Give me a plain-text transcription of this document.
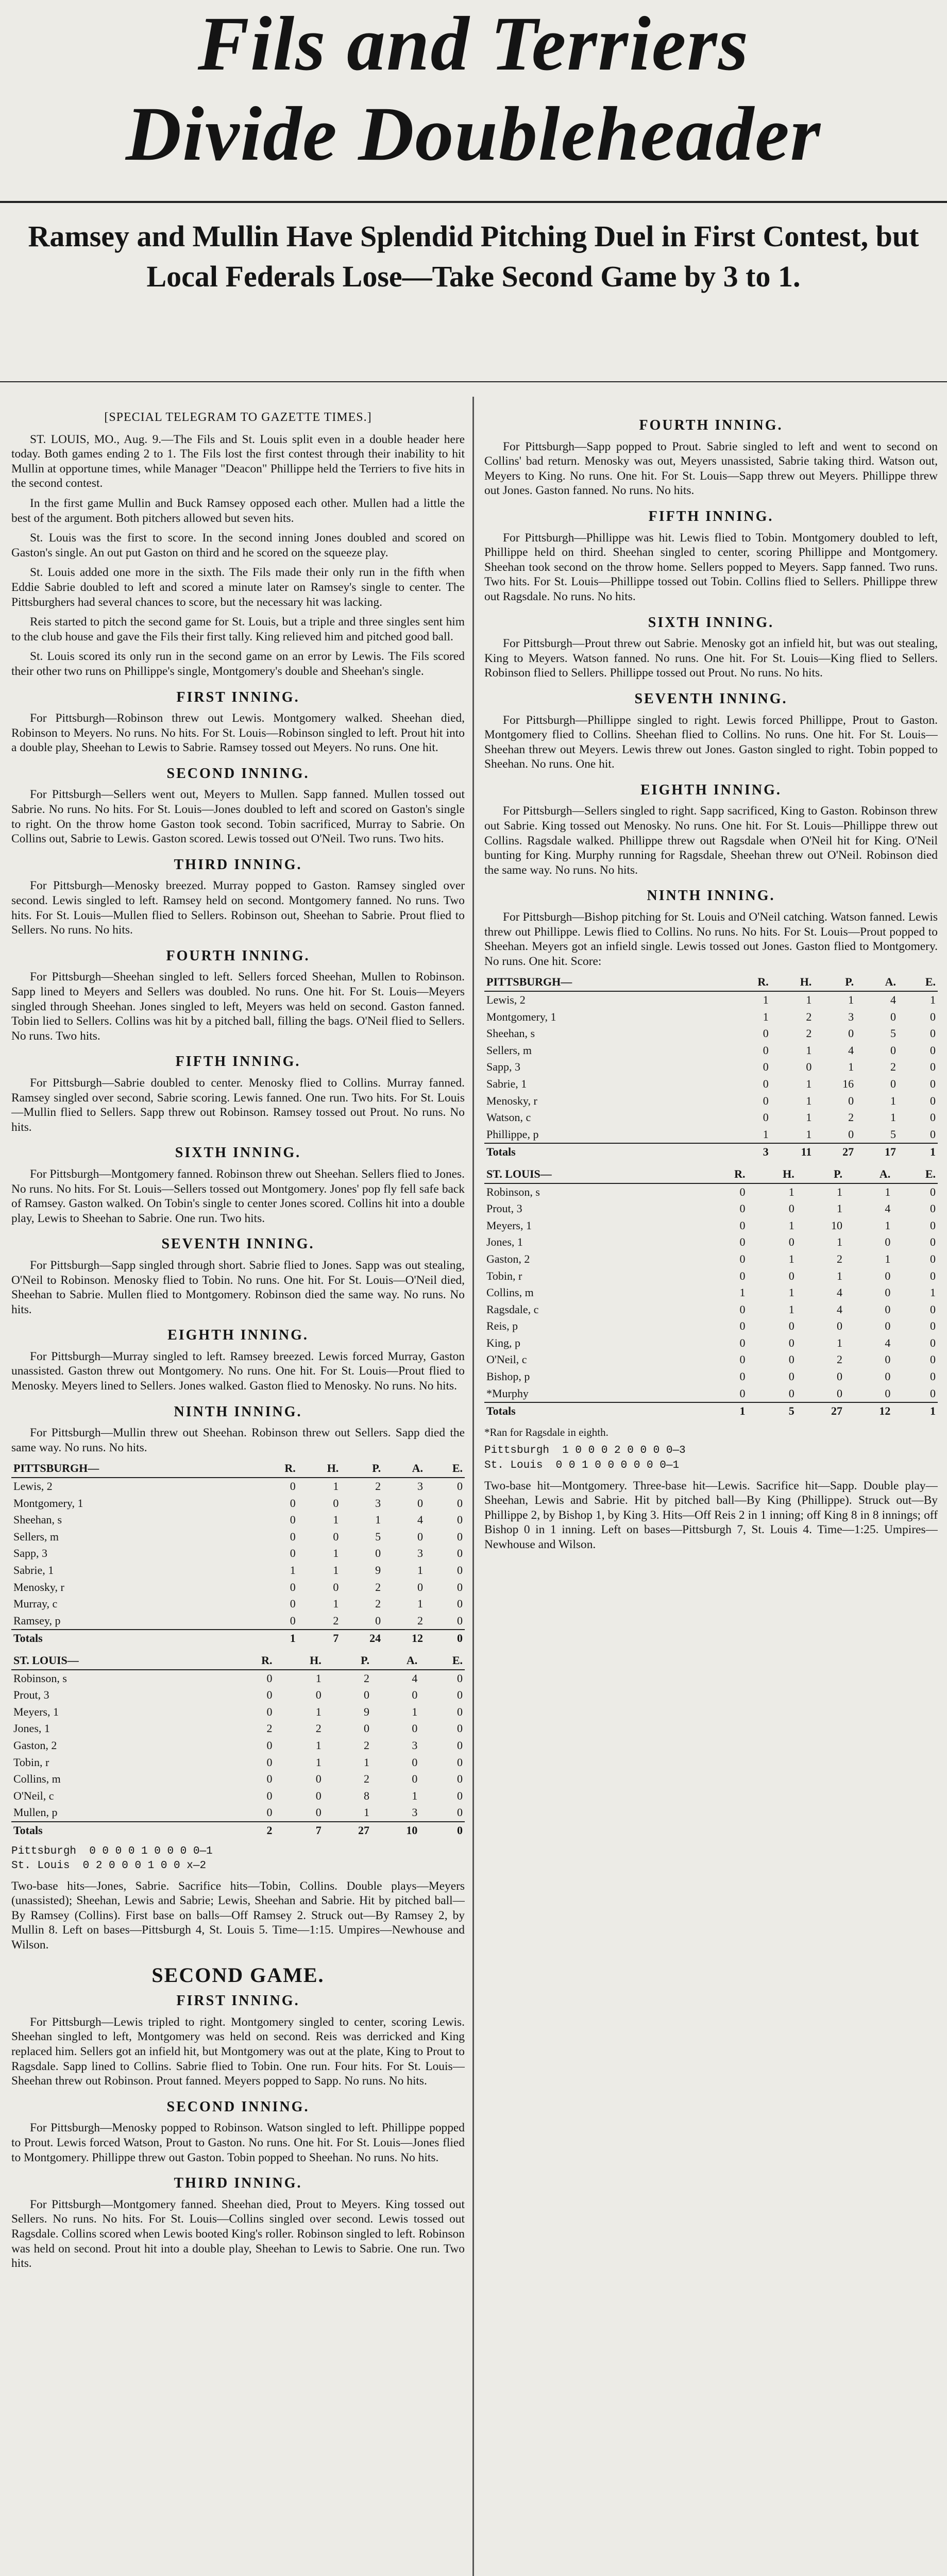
Fils and Terriers
Divide Doubleheader
Ramsey and Mullin Have Splendid Pitching Duel in First Contest, but Local Federals Lose—Take Second Game by 3 to 1.
[SPECIAL TELEGRAM TO GAZETTE TIMES.]

ST. LOUIS, MO., Aug. 9.—The Fils and St. Louis split even in a double header here today. Both games ending 2 to 1. The Fils lost the first contest through their inability to hit Mullin at opportune times, while Manager "Deacon" Phillippe held the Terriers to five hits in the second contest.

In the first game Mullin and Buck Ramsey opposed each other. Mullen had a little the best of the argument. Both pitchers allowed but seven hits.

St. Louis was the first to score. In the second inning Jones doubled and scored on Gaston's single. An out put Gaston on third and he scored on the squeeze play.

St. Louis added one more in the sixth. The Fils made their only run in the fifth when Eddie Sabrie doubled to left and scored a minute later on Ramsey's single to center. The Pittsburghers had several chances to score, but the necessary hit was lacking.

Reis started to pitch the second game for St. Louis, but a triple and three singles sent him to the club house and gave the Fils their first tally. King relieved him and pitched good ball.

St. Louis scored its only run in the second game on an error by Lewis. The Fils scored their other two runs on Phillippe's single, Montgomery's double and Sheehan's single.

FIRST INNING.

For Pittsburgh—Robinson threw out Lewis. Montgomery walked. Sheehan died, Robinson to Meyers. No runs. No hits. For St. Louis—Robinson singled to left. Prout hit into a double play, Sheehan to Lewis to Sabrie. Ramsey tossed out Meyers. No runs. One hit.

SECOND INNING.

For Pittsburgh—Sellers went out, Meyers to Mullen. Sapp fanned. Mullen tossed out Sabrie. No runs. No hits. For St. Louis—Jones doubled to left and scored on Gaston's single to right. On the throw home Gaston took second. Tobin sacrificed, Murray to Sabrie. On Collins out, Sabrie to Lewis. Gaston scored. Lewis tossed out O'Neil. Two runs. Two hits.

THIRD INNING.

For Pittsburgh—Menosky breezed. Murray popped to Gaston. Ramsey singled over second. Lewis singled to left. Ramsey held on second. Montgomery fanned. No runs. Two hits. For St. Louis—Mullen flied to Sellers. Robinson out, Sheehan to Sabrie. Prout flied to Sellers. No runs. No hits.

FOURTH INNING.

For Pittsburgh—Sheehan singled to left. Sellers forced Sheehan, Mullen to Robinson. Sapp lined to Meyers and Sellers was doubled. No runs. One hit. For St. Louis—Meyers singled through Sheehan. Jones singled to left, Meyers was held on second. Gaston fanned. Tobin lied to Sellers. Collins was hit by a pitched ball, filling the bags. O'Neil flied to Sellers. No runs. Two hits.

FIFTH INNING.

For Pittsburgh—Sabrie doubled to center. Menosky flied to Collins. Murray fanned. Ramsey singled over second, Sabrie scoring. Lewis fanned. One run. Two hits. For St. Louis—Mullin flied to Sellers. Sapp threw out Robinson. Ramsey tossed out Prout. No runs. No hits.

SIXTH INNING.

For Pittsburgh—Montgomery fanned. Robinson threw out Sheehan. Sellers flied to Jones. No runs. No hits. For St. Louis—Sellers tossed out Montgomery. Jones' pop fly fell safe back of Ramsey. Gaston walked. On Tobin's single to center Jones scored. Collins hit into a double play, Lewis to Sheehan to Sabrie. One run. Two hits.

SEVENTH INNING.

For Pittsburgh—Sapp singled through short. Sabrie flied to Jones. Sapp was out stealing, O'Neil to Robinson. Menosky flied to Tobin. No runs. One hit. For St. Louis—O'Neil died, Sheehan to Sabrie. Mullen flied to Montgomery. Robinson died the same way. No runs. No hits.

EIGHTH INNING.

For Pittsburgh—Murray singled to left. Ramsey breezed. Lewis forced Murray, Gaston unassisted. Gaston threw out Montgomery. No runs. One hit. For St. Louis—Prout flied to Menosky. Meyers lined to Sellers. Jones walked. Gaston flied to Menosky. No runs. No hits.

NINTH INNING.

For Pittsburgh—Mullin threw out Sheehan. Robinson threw out Sellers. Sapp died the same way. No runs. No hits.

PITTSBURGH—	R.	H.	P.	A.	E.
Lewis, 2	0	1	2	3	0
Montgomery, 1	0	0	3	0	0
Sheehan, s	0	1	1	4	0
Sellers, m	0	0	5	0	0
Sapp, 3	0	1	0	3	0
Sabrie, 1	1	1	9	1	0
Menosky, r	0	0	2	0	0
Murray, c	0	1	2	1	0
Ramsey, p	0	2	0	2	0
Totals	1	7	24	12	0
ST. LOUIS—	R.	H.	P.	A.	E.
Robinson, s	0	1	2	4	0
Prout, 3	0	0	0	0	0
Meyers, 1	0	1	9	1	0
Jones, 1	2	2	0	0	0
Gaston, 2	0	1	2	3	0
Tobin, r	0	1	1	0	0
Collins, m	0	0	2	0	0
O'Neil, c	0	0	8	1	0
Mullen, p	0	0	1	3	0
Totals	2	7	27	10	0
Pittsburgh  0 0 0 0 1 0 0 0 0—1
St. Louis  0 2 0 0 0 1 0 0 x—2

Two-base hits—Jones, Sabrie. Sacrifice hits—Tobin, Collins. Double plays—Meyers (unassisted); Sheehan, Lewis and Sabrie; Lewis, Sheehan and Sabrie. Hit by pitched ball—By Ramsey (Collins). First base on balls—Off Ramsey 2. Struck out—By Ramsey 2, by Mullin 8. Left on bases—Pittsburgh 4, St. Louis 5. Time—1:15. Umpires—Newhouse and Wilson.

SECOND GAME.
FIRST INNING.

For Pittsburgh—Lewis tripled to right. Montgomery singled to center, scoring Lewis. Sheehan singled to left, Montgomery was held on second. Reis was derricked and King replaced him. Sellers got an infield hit, but Montgomery was out at the plate, King to Prout to Ragsdale. Sapp lined to Collins. Sabrie flied to Tobin. One run. Four hits. For St. Louis—Sheehan threw out Robinson. Prout fanned. Meyers popped to Sapp. No runs. No hits.

SECOND INNING.

For Pittsburgh—Menosky popped to Robinson. Watson singled to left. Phillippe popped to Prout. Lewis forced Watson, Prout to Gaston. No runs. One hit. For St. Louis—Jones flied to Montgomery. Phillippe threw out Gaston. Tobin popped to Sheehan. No runs. No hits.

THIRD INNING.

For Pittsburgh—Montgomery fanned. Sheehan died, Prout to Meyers. King tossed out Sellers. No runs. No hits. For St. Louis—Collins singled over second. Lewis tossed out Ragsdale. Collins scored when Lewis booted King's roller. Robinson singled to left. Robinson was held on second. Prout hit into a double play, Sheehan to Lewis to Sabrie. One run. Two hits.

FOURTH INNING.

For Pittsburgh—Sapp popped to Prout. Sabrie singled to left and went to second on Collins' bad return. Menosky was out, Meyers unassisted, Sabrie taking third. Watson out, Meyers to King. No runs. One hit. For St. Louis—Sapp threw out Meyers. Phillippe threw out Jones. Gaston fanned. No runs. No hits.

FIFTH INNING.

For Pittsburgh—Phillippe was hit. Lewis flied to Tobin. Montgomery doubled to left, Phillippe held on third. Sheehan singled to center, scoring Phillippe and Montgomery. Sheehan took second on the throw home. Sellers popped to Meyers. Sapp fanned. Two runs. Two hits. For St. Louis—Phillippe tossed out Tobin. Collins flied to Sellers. Phillippe threw out Ragsdale. No runs. No hits.

SIXTH INNING.

For Pittsburgh—Prout threw out Sabrie. Menosky got an infield hit, but was out stealing, King to Meyers. Watson fanned. No runs. One hit. For St. Louis—King flied to Sellers. Robinson flied to Sellers. Phillippe tossed out Prout. No runs. No hits.

SEVENTH INNING.

For Pittsburgh—Phillippe singled to right. Lewis forced Phillippe, Prout to Gaston. Montgomery flied to Collins. Sheehan flied to Collins. No runs. One hit. For St. Louis—Sheehan threw out Meyers. Lewis threw out Jones. Gaston singled to right. Tobin popped to Sheehan. No runs. One hit.

EIGHTH INNING.

For Pittsburgh—Sellers singled to right. Sapp sacrificed, King to Gaston. Robinson threw out Sabrie. King tossed out Menosky. No runs. One hit. For St. Louis—Phillippe threw out Collins. Ragsdale walked. Phillippe threw out Ragsdale when O'Neil hit for King. O'Neil bunting for King. Murphy running for Ragsdale, Sheehan threw out O'Neil. Robinson died the same way. No runs. No hits.

NINTH INNING.

For Pittsburgh—Bishop pitching for St. Louis and O'Neil catching. Watson fanned. Lewis threw out Phillippe. Lewis flied to Collins. No runs. No hits. For St. Louis—Prout popped to Sheehan. Meyers got an infield single. Lewis tossed out Jones. Gaston flied to Montgomery. No runs. One hit. Score:

PITTSBURGH—	R.	H.	P.	A.	E.
Lewis, 2	1	1	1	4	1
Montgomery, 1	1	2	3	0	0
Sheehan, s	0	2	0	5	0
Sellers, m	0	1	4	0	0
Sapp, 3	0	0	1	2	0
Sabrie, 1	0	1	16	0	0
Menosky, r	0	1	0	1	0
Watson, c	0	1	2	1	0
Phillippe, p	1	1	0	5	0
Totals	3	11	27	17	1
ST. LOUIS—	R.	H.	P.	A.	E.
Robinson, s	0	1	1	1	0
Prout, 3	0	0	1	4	0
Meyers, 1	0	1	10	1	0
Jones, 1	0	0	1	0	0
Gaston, 2	0	1	2	1	0
Tobin, r	0	0	1	0	0
Collins, m	1	1	4	0	1
Ragsdale, c	0	1	4	0	0
Reis, p	0	0	0	0	0
King, p	0	0	1	4	0
O'Neil, c	0	0	2	0	0
Bishop, p	0	0	0	0	0
*Murphy	0	0	0	0	0
Totals	1	5	27	12	1
*Ran for Ragsdale in eighth.
Pittsburgh  1 0 0 0 2 0 0 0 0—3
St. Louis  0 0 1 0 0 0 0 0 0—1

Two-base hit—Montgomery. Three-base hit—Lewis. Sacrifice hit—Sapp. Double play—Sheehan, Lewis and Sabrie. Hit by pitched ball—By King (Phillippe). Struck out—By Phillippe 2, by Bishop 1, by King 3. Hits—Off Reis 2 in 1 inning; off King 8 in 8 innings; off Bishop 0 in 1 inning. Left on bases—Pittsburgh 7, St. Louis 4. Time—1:25. Umpires—Newhouse and Wilson.
